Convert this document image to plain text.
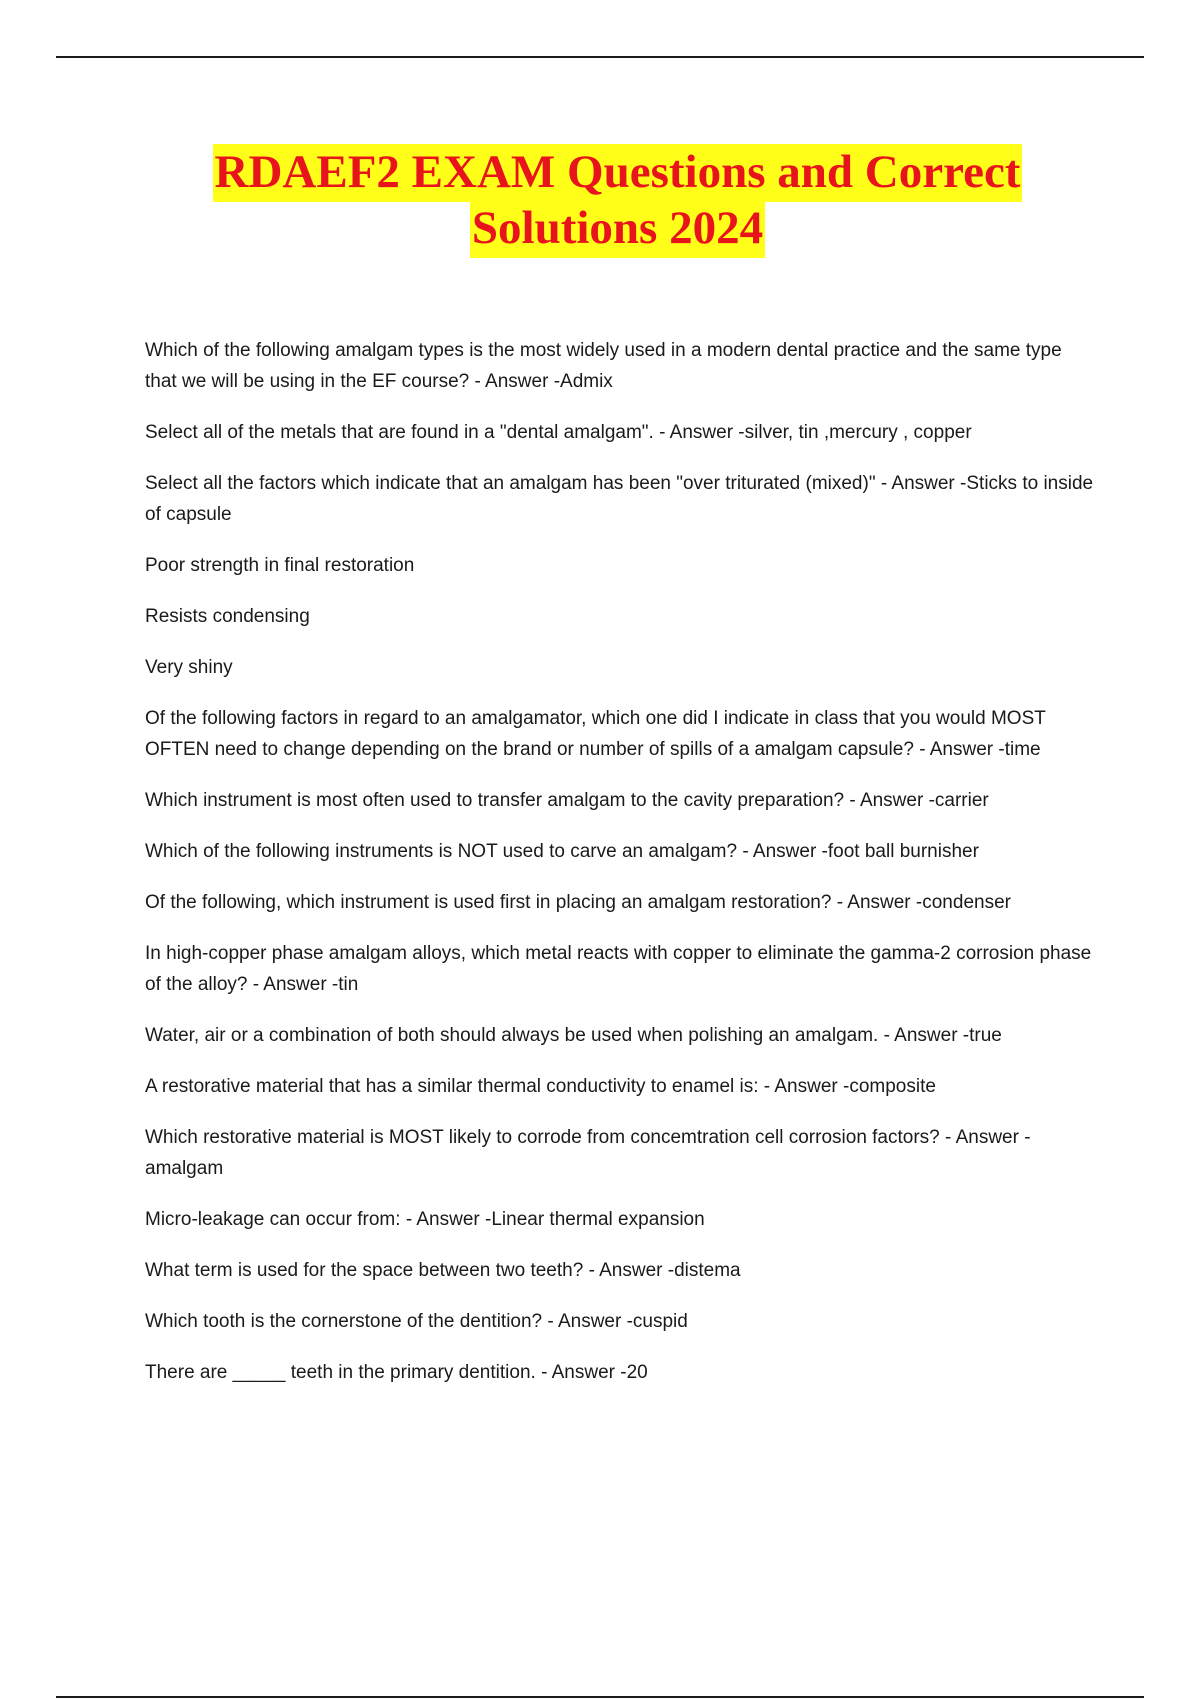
RDAEF2 EXAM Questions and Correct
Solutions 2024
Which of the following amalgam types is the most widely used in a modern dental practice and the same type that we will be using in the EF course? - Answer -Admix
Select all of the metals that are found in a "dental amalgam". - Answer -silver, tin ,mercury , copper
Select all the factors which indicate that an amalgam has been "over triturated (mixed)" - Answer -Sticks to inside of capsule
Poor strength in final restoration
Resists condensing
Very shiny
Of the following factors in regard to an amalgamator, which one did I indicate in class that you would MOST OFTEN need to change depending on the brand or number of spills of a amalgam capsule? - Answer -time
Which instrument is most often used to transfer amalgam to the cavity preparation? - Answer -carrier
Which of the following instruments is NOT used to carve an amalgam? - Answer -foot ball burnisher
Of the following, which instrument is used first in placing an amalgam restoration? - Answer -condenser
In high-copper phase amalgam alloys, which metal reacts with copper to eliminate the gamma-2 corrosion phase of the alloy? - Answer -tin
Water, air or a combination of both should always be used when polishing an amalgam. - Answer -true
A restorative material that has a similar thermal conductivity to enamel is: - Answer -composite
Which restorative material is MOST likely to corrode from concemtration cell corrosion factors? - Answer -amalgam
Micro-leakage can occur from: - Answer -Linear thermal expansion
What term is used for the space between two teeth? - Answer -distema
Which tooth is the cornerstone of the dentition? - Answer -cuspid
There are _____ teeth in the primary dentition. - Answer -20
